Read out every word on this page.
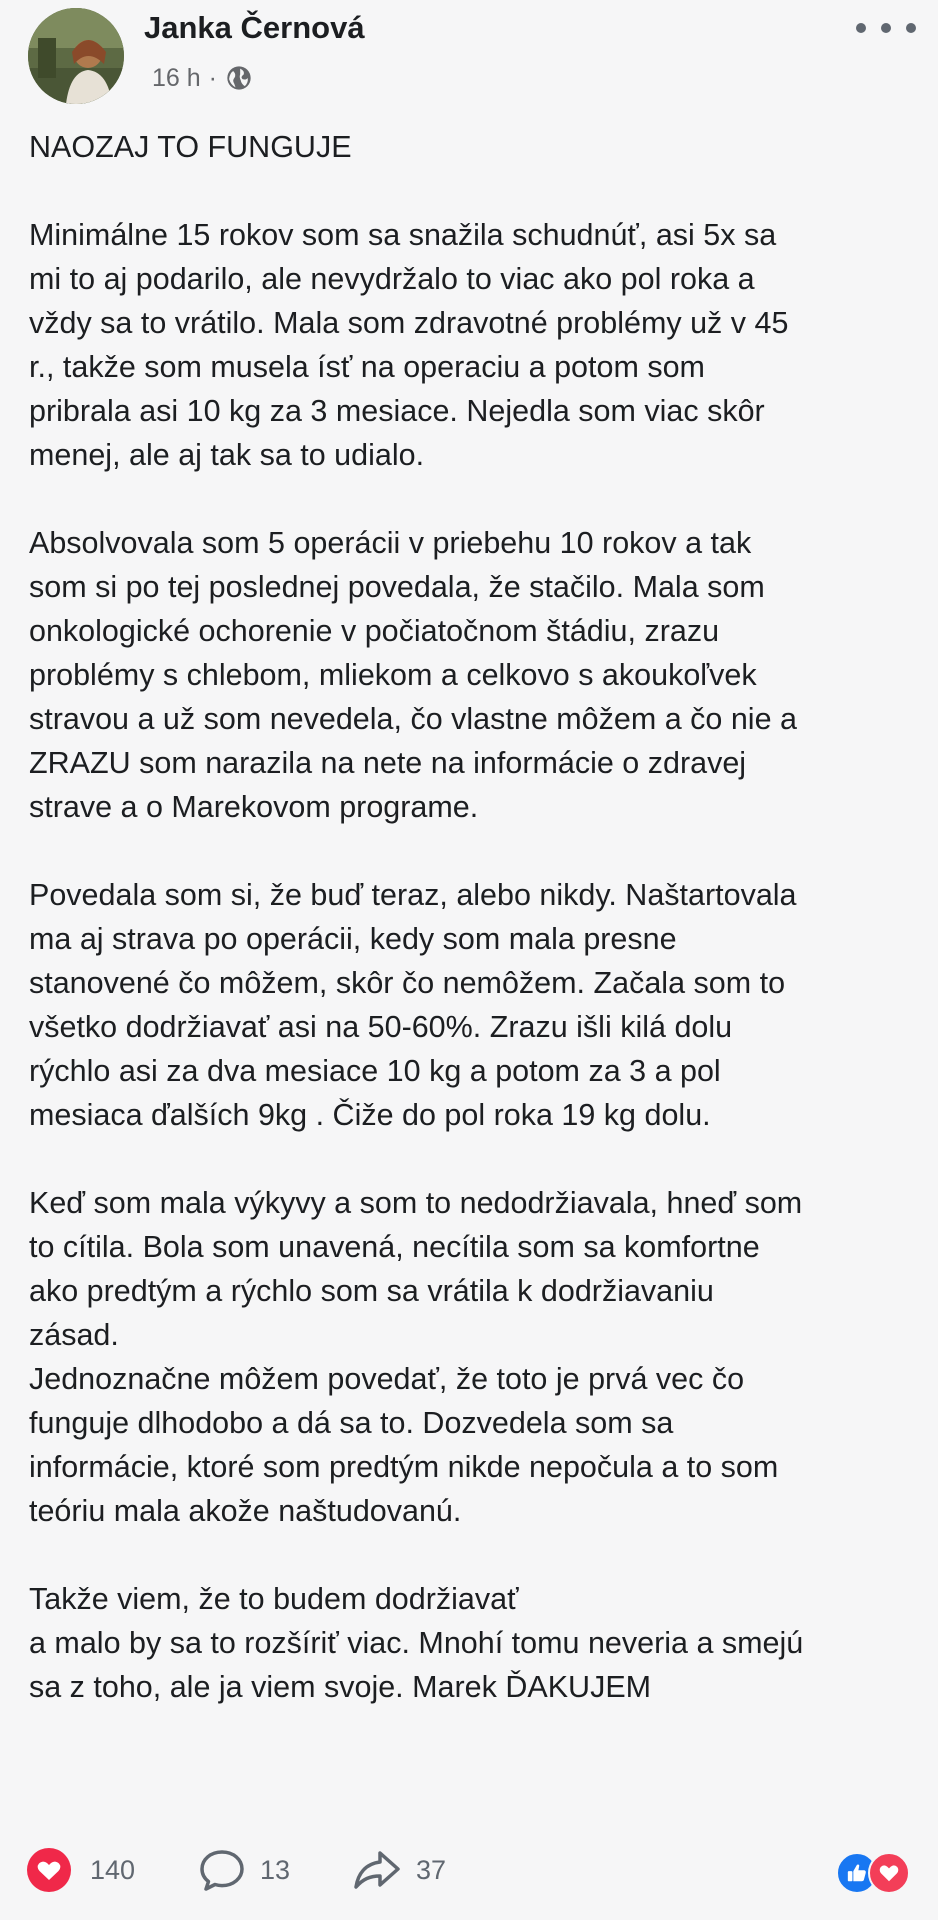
Janka Černová
16 h ·

NAOZAJ TO FUNGUJE

Minimálne 15 rokov som sa snažila schudnúť, asi 5x sa

mi to aj podarilo, ale nevydržalo to viac ako pol roka a

vždy sa to vrátilo. Mala som zdravotné problémy už v 45

r., takže som musela ísť na operaciu a potom som

pribrala asi 10 kg za 3 mesiace. Nejedla som viac skôr

menej, ale aj tak sa to udialo.

Absolvovala som 5 operácii v priebehu 10 rokov a tak

som si po tej poslednej povedala, že stačilo. Mala som

onkologické ochorenie v počiatočnom štádiu, zrazu

problémy s chlebom, mliekom a celkovo s akoukoľvek

stravou a už som nevedela, čo vlastne môžem a čo nie a

ZRAZU som narazila na nete na informácie o zdravej

strave a o Marekovom programe.

Povedala som si, že buď teraz, alebo nikdy. Naštartovala

ma aj strava po operácii, kedy som mala presne

stanovené čo môžem, skôr čo nemôžem. Začala som to

všetko dodržiavať asi na 50-60%. Zrazu išli kilá dolu

rýchlo asi za dva mesiace 10 kg a potom za 3 a pol

mesiaca ďalších 9kg . Čiže do pol roka 19 kg dolu.

Keď som mala výkyvy a som to nedodržiavala, hneď som

to cítila. Bola som unavená, necítila som sa komfortne

ako predtým a rýchlo som sa vrátila k dodržiavaniu

zásad.

Jednoznačne môžem povedať, že toto je prvá vec čo

funguje dlhodobo a dá sa to. Dozvedela som sa

informácie, ktoré som predtým nikde nepočula a to som

teóriu mala akože naštudovanú.

Takže viem, že to budem dodržiavať

a malo by sa to rozšíriť viac. Mnohí tomu neveria a smejú

sa z toho, ale ja viem svoje. Marek ĎAKUJEM

140	13	37
